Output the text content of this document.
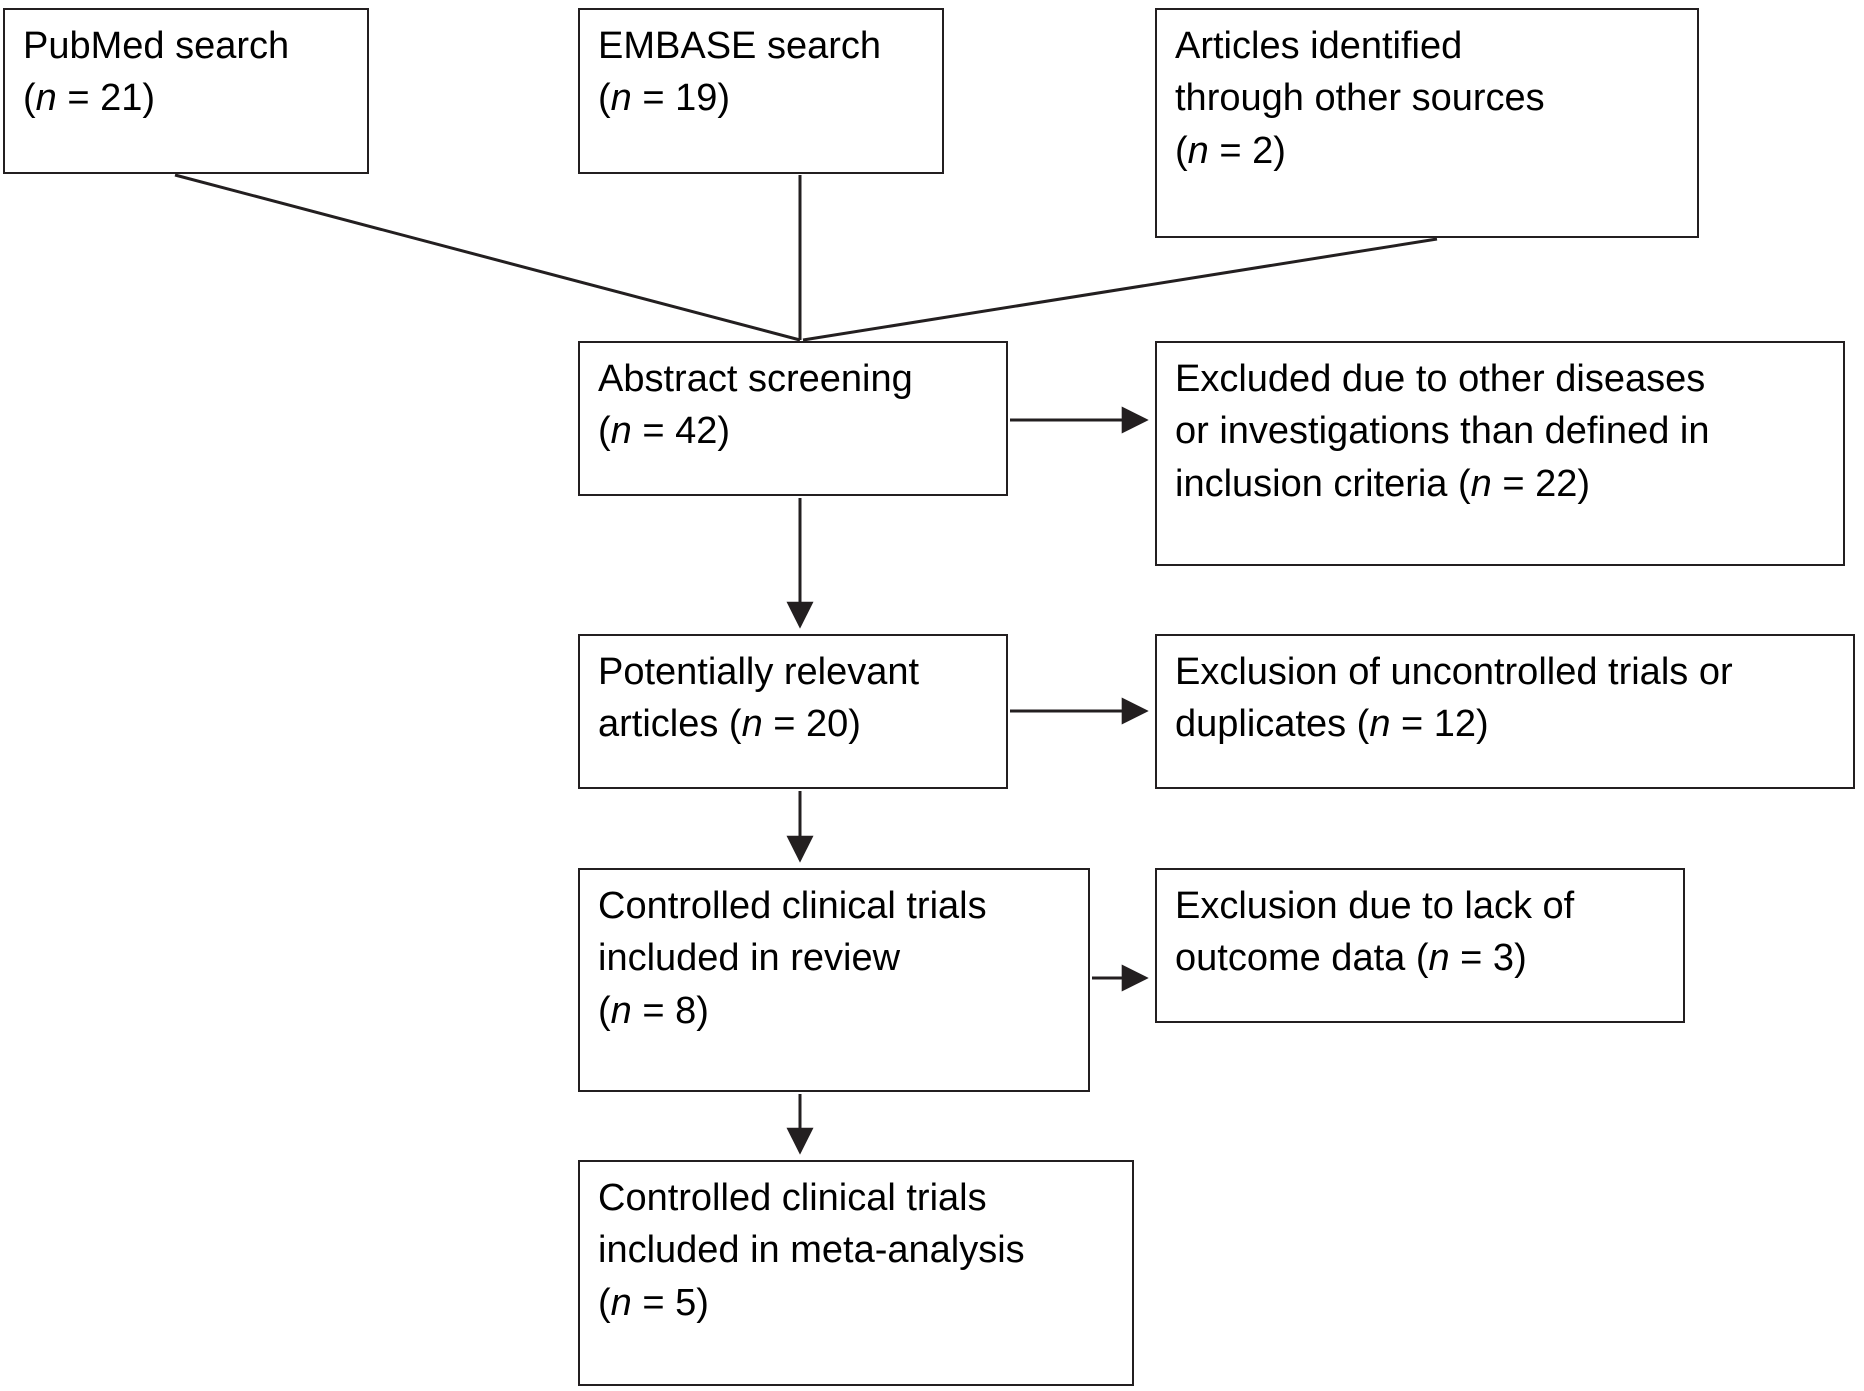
PubMed search
(n = 21)
EMBASE search
(n = 19)
Articles identified
through other sources
(n = 2)
Abstract screening
(n = 42)
Excluded due to other diseases
or investigations than defined in
inclusion criteria (n = 22)
Potentially relevant
articles (n = 20)
Exclusion of uncontrolled trials or
duplicates (n = 12)
Controlled clinical trials
included in review
(n = 8)
Exclusion due to lack of
outcome data (n = 3)
Controlled clinical trials
included in meta-analysis
(n = 5)
